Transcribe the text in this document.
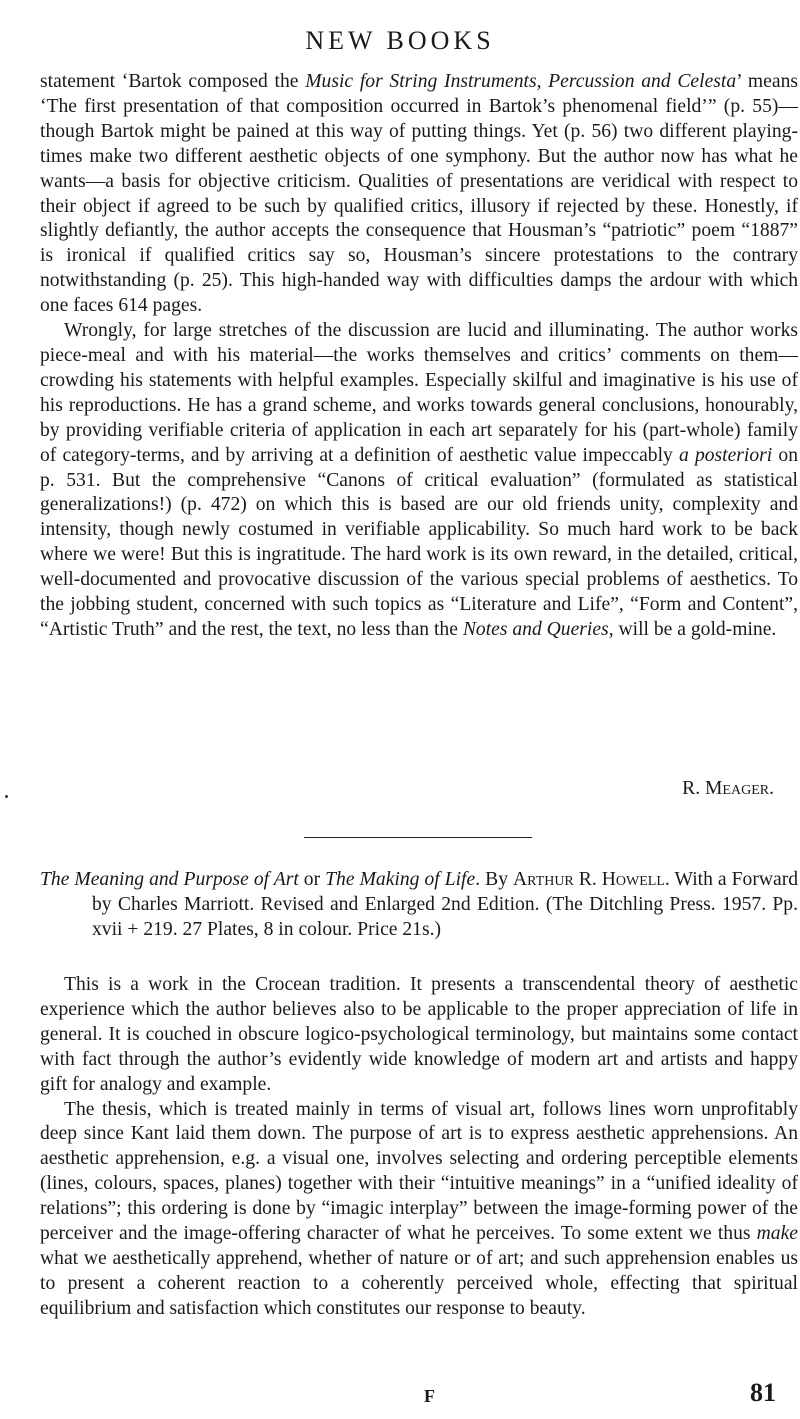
NEW BOOKS

statement ‘Bartok composed the Music for String Instruments, Percussion and Celesta’ means ‘The first presentation of that composition occurred in Bartok’s phenomenal field’” (p. 55)—though Bartok might be pained at this way of putting things. Yet (p. 56) two different playing-times make two different aesthetic objects of one symphony. But the author now has what he wants—a basis for objective criticism. Qualities of presentations are veridical with respect to their object if agreed to be such by qualified critics, illusory if rejected by these. Honestly, if slightly defiantly, the author accepts the consequence that Housman’s “patriotic” poem “1887” is ironical if qualified critics say so, Housman’s sincere protestations to the contrary notwithstanding (p. 25). This high-handed way with difficulties damps the ardour with which one faces 614 pages.

Wrongly, for large stretches of the discussion are lucid and illuminating. The author works piece-meal and with his material—the works themselves and critics’ comments on them—crowding his statements with helpful examples. Especially skilful and imaginative is his use of his reproductions. He has a grand scheme, and works towards general conclusions, honourably, by providing verifiable criteria of application in each art separately for his (part-whole) family of category-terms, and by arriving at a definition of aesthetic value impeccably a posteriori on p. 531. But the comprehensive “Canons of critical evaluation” (formulated as statistical generalizations!) (p. 472) on which this is based are our old friends unity, complexity and intensity, though newly costumed in verifiable applicability. So much hard work to be back where we were! But this is ingratitude. The hard work is its own reward, in the detailed, critical, well-documented and provocative discussion of the various special problems of aesthetics. To the jobbing student, concerned with such topics as “Literature and Life”, “Form and Content”, “Artistic Truth” and the rest, the text, no less than the Notes and Queries, will be a gold-mine.

R. Meager.
The Meaning and Purpose of Art or The Making of Life. By Arthur R. Howell. With a Forward by Charles Marriott. Revised and Enlarged 2nd Edition. (The Ditchling Press. 1957. Pp. xvii + 219. 27 Plates, 8 in colour. Price 21s.)

This is a work in the Crocean tradition. It presents a transcendental theory of aesthetic experience which the author believes also to be applicable to the proper appreciation of life in general. It is couched in obscure logico-psychological terminology, but maintains some contact with fact through the author’s evidently wide knowledge of modern art and artists and happy gift for analogy and example.

The thesis, which is treated mainly in terms of visual art, follows lines worn unprofitably deep since Kant laid them down. The purpose of art is to express aesthetic apprehensions. An aesthetic apprehension, e.g. a visual one, involves selecting and ordering perceptible elements (lines, colours, spaces, planes) together with their “intuitive meanings” in a “unified ideality of relations”; this ordering is done by “imagic interplay” between the image-forming power of the perceiver and the image-offering character of what he perceives. To some extent we thus make what we aesthetically apprehend, whether of nature or of art; and such apprehension enables us to present a coherent reaction to a coherently perceived whole, effecting that spiritual equilibrium and satisfaction which constitutes our response to beauty.

F	81
